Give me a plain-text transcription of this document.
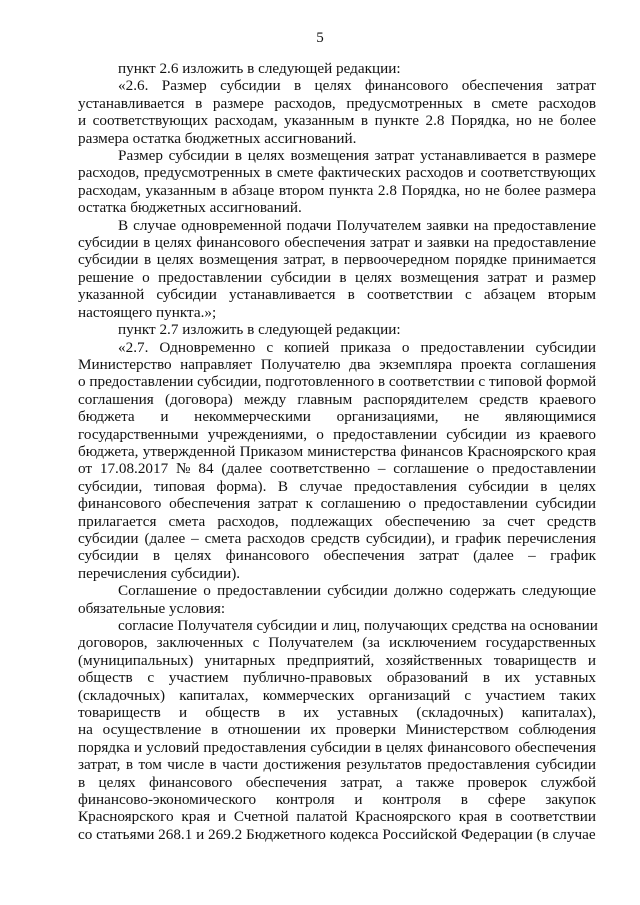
5
пункт 2.6 изложить в следующей редакции:
«2.6. Размер субсидии в целях финансового обеспечения затрат
устанавливается в размере расходов, предусмотренных в смете расходов
и соответствующих расходам, указанным в пункте 2.8 Порядка, но не более
размера остатка бюджетных ассигнований.
Размер субсидии в целях возмещения затрат устанавливается в размере
расходов, предусмотренных в смете фактических расходов и соответствующих
расходам, указанным в абзаце втором пункта 2.8 Порядка, но не более размера
остатка бюджетных ассигнований.
В случае одновременной подачи Получателем заявки на предоставление
субсидии в целях финансового обеспечения затрат и заявки на предоставление
субсидии в целях возмещения затрат, в первоочередном порядке принимается
решение о предоставлении субсидии в целях возмещения затрат и размер
указанной субсидии устанавливается в соответствии с абзацем вторым
настоящего пункта.»;
пункт 2.7 изложить в следующей редакции:
«2.7. Одновременно с копией приказа о предоставлении субсидии
Министерство направляет Получателю два экземпляра проекта соглашения
о предоставлении субсидии, подготовленного в соответствии с типовой формой
соглашения (договора) между главным распорядителем средств краевого
бюджета и некоммерческими организациями, не являющимися
государственными учреждениями, о предоставлении субсидии из краевого
бюджета, утвержденной Приказом министерства финансов Красноярского края
от 17.08.2017 № 84 (далее соответственно – соглашение о предоставлении
субсидии, типовая форма). В случае предоставления субсидии в целях
финансового обеспечения затрат к соглашению о предоставлении субсидии
прилагается смета расходов, подлежащих обеспечению за счет средств
субсидии (далее – смета расходов средств субсидии), и график перечисления
субсидии в целях финансового обеспечения затрат (далее – график
перечисления субсидии).
Соглашение о предоставлении субсидии должно содержать следующие
обязательные условия:
согласие Получателя субсидии и лиц, получающих средства на основании
договоров, заключенных с Получателем (за исключением государственных
(муниципальных) унитарных предприятий, хозяйственных товариществ и
обществ с участием публично-правовых образований в их уставных
(складочных) капиталах, коммерческих организаций с участием таких
товариществ и обществ в их уставных (складочных) капиталах),
на осуществление в отношении их проверки Министерством соблюдения
порядка и условий предоставления субсидии в целях финансового обеспечения
затрат, в том числе в части достижения результатов предоставления субсидии
в целях финансового обеспечения затрат, а также проверок службой
финансово-экономического контроля и контроля в сфере закупок
Красноярского края и Счетной палатой Красноярского края в соответствии
со статьями 268.1 и 269.2 Бюджетного кодекса Российской Федерации (в случае
